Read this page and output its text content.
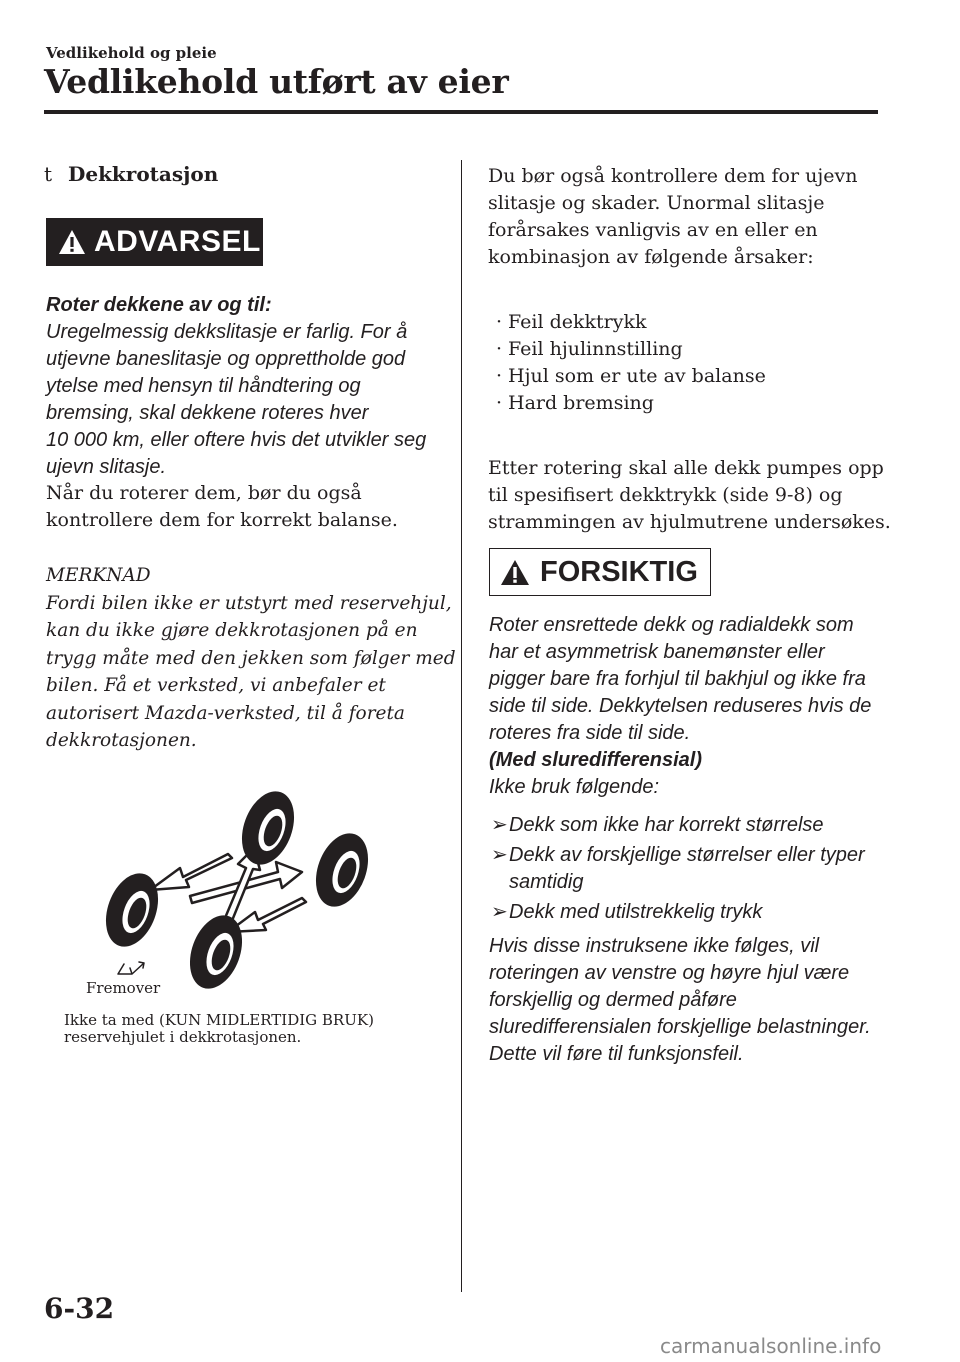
Vedlikehold og pleie
Vedlikehold utført av eier
t Dekkrotasjon
ADVARSEL

Roter dekkene av og til:

Uregelmessig dekkslitasje er farlig. For å

utjevne baneslitasje og opprettholde god

ytelse med hensyn til håndtering og

bremsing, skal dekkene roteres hver

10 000 km, eller oftere hvis det utvikler seg

ujevn slitasje.

Når du roterer dem, bør du også

kontrollere dem for korrekt balanse.

MERKNAD

Fordi bilen ikke er utstyrt med reservehjul,

kan du ikke gjøre dekkrotasjonen på en

trygg måte med den jekken som følger med

bilen. Få et verksted, vi anbefaler et

autorisert Mazda-verksted, til å foreta

dekkrotasjonen.

Fremover

Ikke ta med (KUN MIDLERTIDIG BRUK)

reservehjulet i dekkrotasjonen.

Du bør også kontrollere dem for ujevn

slitasje og skader. Unormal slitasje

forårsakes vanligvis av en eller en

kombinasjon av følgende årsaker:

· Feil dekktrykk
· Feil hjulinnstilling
· Hjul som er ute av balanse
· Hard bremsing

Etter rotering skal alle dekk pumpes opp

til spesifisert dekktrykk (side 9-8) og

strammingen av hjulmutrene undersøkes.

FORSIKTIG

Roter ensrettede dekk og radialdekk som

har et asymmetrisk banemønster eller

pigger bare fra forhjul til bakhjul og ikke fra

side til side. Dekkytelsen reduseres hvis de

roteres fra side til side.

(Med sluredifferensial)

Ikke bruk følgende:

➢ Dekk som ikke har korrekt størrelse
➢ Dekk av forskjellige størrelser eller typer samtidig
➢ Dekk med utilstrekkelig trykk

Hvis disse instruksene ikke følges, vil

roteringen av venstre og høyre hjul være

forskjellig og dermed påføre

sluredifferensialen forskjellige belastninger.

Dette vil føre til funksjonsfeil.

6-32
carmanualsonline.info
